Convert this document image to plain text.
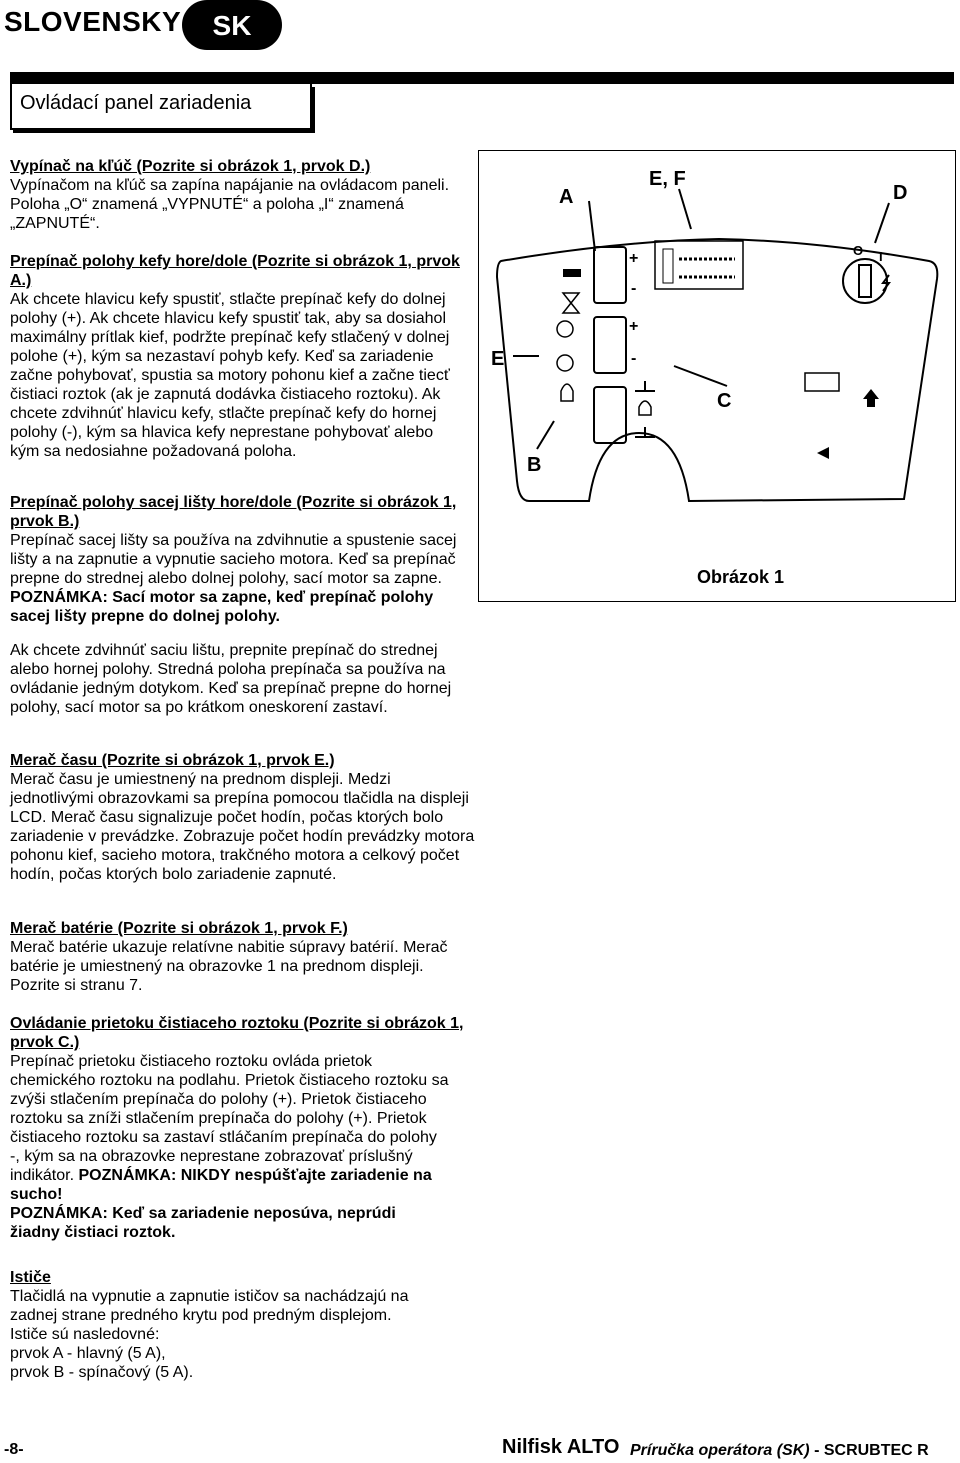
SLOVENSKY	SK
Ovládací panel zariadenia

Vypínač na kľúč (Pozrite si obrázok 1, prvok D.)

Vypínačom na kľúč sa zapína napájanie na ovládacom paneli. Poloha „O“ znamená „VYPNUTÉ“ a poloha „I“ znamená „ZAPNUTÉ“.

Prepínač polohy kefy hore/dole (Pozrite si obrázok 1, prvok A.)

Ak chcete hlavicu kefy spustiť, stlačte prepínač kefy do dolnej polohy (+). Ak chcete hlavicu kefy spustiť tak, aby sa dosiahol maximálny prítlak kief, podržte prepínač kefy stlačený v dolnej polohe (+), kým sa nezastaví pohyb kefy. Keď sa zariadenie začne pohybovať, spustia sa motory pohonu kief a začne tiecť čistiaci roztok (ak je zapnutá dodávka čistiaceho roztoku). Ak chcete zdvihnúť hlavicu kefy, stlačte prepínač kefy do hornej polohy (-), kým sa hlavica kefy neprestane pohybovať alebo kým sa nedosiahne požadovaná poloha.

Prepínač polohy sacej lišty hore/dole (Pozrite si obrázok 1, prvok B.)

Prepínač sacej lišty sa používa na zdvihnutie a spustenie sacej lišty a na zapnutie a vypnutie sacieho motora. Keď sa prepínač prepne do strednej alebo dolnej polohy, sací motor sa zapne. POZNÁMKA: Sací motor sa zapne, keď prepínač polohy sacej lišty prepne do dolnej polohy.

Ak chcete zdvihnúť saciu lištu, prepnite prepínač do strednej alebo hornej polohy. Stredná poloha prepínača sa používa na ovládanie jedným dotykom. Keď sa prepínač prepne do hornej polohy, sací motor sa po krátkom oneskorení zastaví.

Merač času (Pozrite si obrázok 1, prvok E.)

Merač času je umiestnený na prednom displeji. Medzi jednotlivými obrazovkami sa prepína pomocou tlačidla na displeji LCD. Merač času signalizuje počet hodín, počas ktorých bolo zariadenie v prevádzke. Zobrazuje počet hodín prevádzky motora pohonu kief, sacieho motora, trakčného motora a celkový počet hodín, počas ktorých bolo zariadenie zapnuté.

Merač batérie (Pozrite si obrázok 1, prvok F.)

Merač batérie ukazuje relatívne nabitie súpravy batérií. Merač batérie je umiestnený na obrazovke 1 na prednom displeji. Pozrite si stranu 7.

Ovládanie prietoku čistiaceho roztoku (Pozrite si obrázok 1, prvok C.)

Prepínač prietoku čistiaceho roztoku ovláda prietok chemického roztoku na podlahu. Prietok čistiaceho roztoku sa zvýši stlačením prepínača do polohy (+). Prietok čistiaceho roztoku sa zníži stlačením prepínača do polohy (+). Prietok čistiaceho roztoku sa zastaví stláčaním prepínača do polohy -, kým sa na obrazovke neprestane zobrazovať príslušný indikátor. POZNÁMKA: NIKDY nespúšťajte zariadenie na sucho!

POZNÁMKA: Keď sa zariadenie neposúva, neprúdi žiadny čistiaci roztok.

Ističe

Tlačidlá na vypnutie a zapnutie ističov sa nachádzajú na zadnej strane predného krytu pod predným displejom.

Ističe sú nasledovné:

prvok A - hlavný (5 A),

prvok B - spínačový (5 A).

+
-
+
-
O I
A
E, F
D
E
B
C
Obrázok 1
-8-	Nilfisk ALTO Príručka operátora (SK) - SCRUBTEC R
